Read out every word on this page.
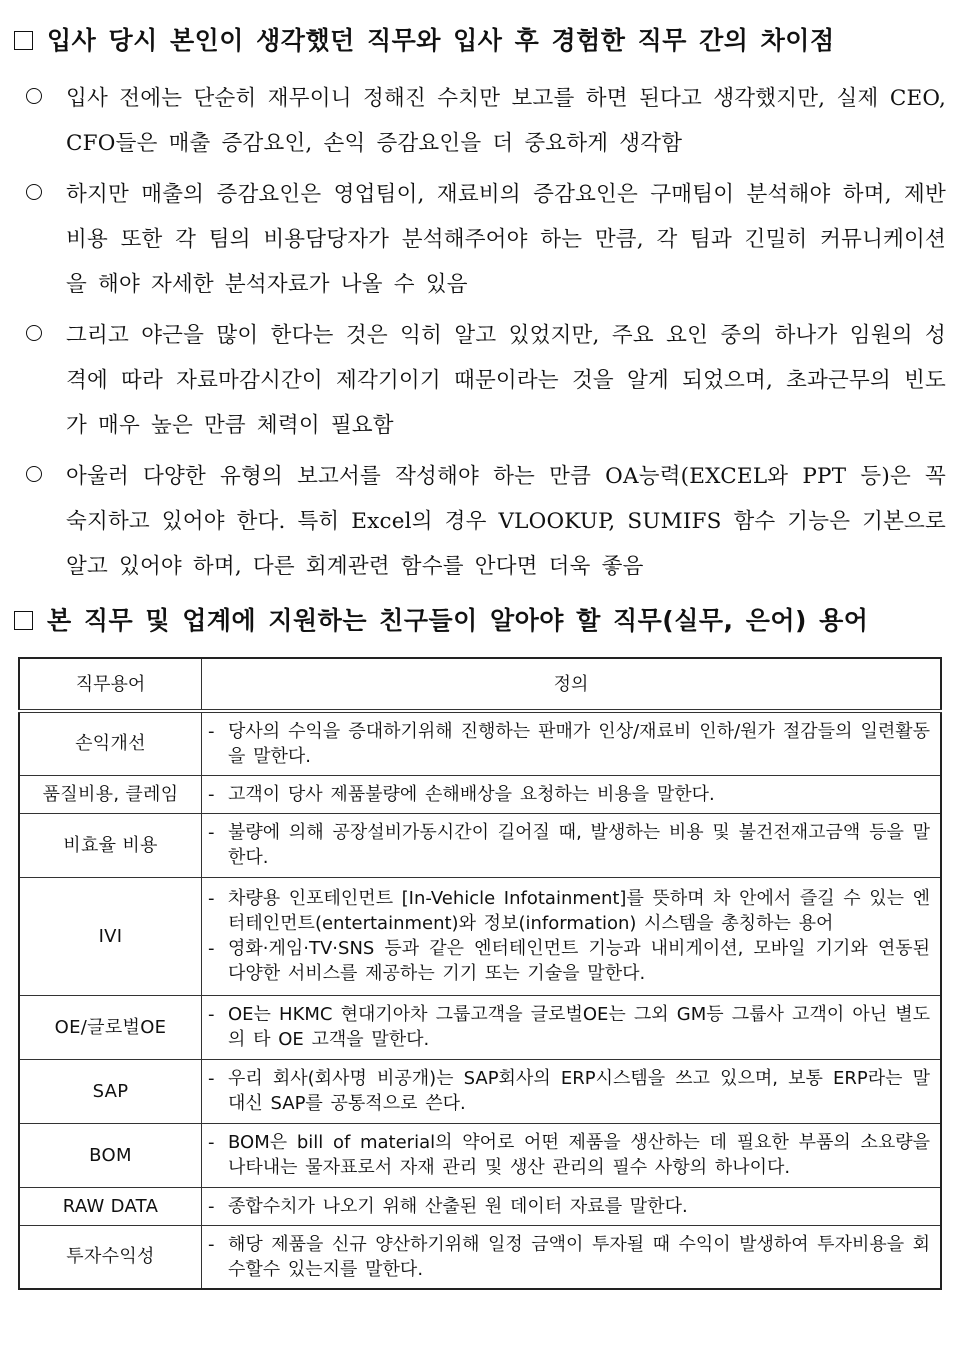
입사 당시 본인이 생각했던 직무와 입사 후 경험한 직무 간의 차이점
입사 전에는 단순히 재무이니 정해진 수치만 보고를 하면 된다고 생각했지만, 실제 CEO, CFO들은 매출 증감요인, 손익 증감요인을 더 중요하게 생각함
하지만 매출의 증감요인은 영업팀이, 재료비의 증감요인은 구매팀이 분석해야 하며, 제반 비용 또한 각 팀의 비용담당자가 분석해주어야 하는 만큼, 각 팀과 긴밀히 커뮤니케이션을 해야 자세한 분석자료가 나올 수 있음
그리고 야근을 많이 한다는 것은 익히 알고 있었지만, 주요 요인 중의 하나가 임원의 성격에 따라 자료마감시간이 제각기이기 때문이라는 것을 알게 되었으며, 초과근무의 빈도가 매우 높은 만큼 체력이 필요함
아울러 다양한 유형의 보고서를 작성해야 하는 만큼 OA능력(EXCEL와 PPT 등)은 꼭 숙지하고 있어야 한다. 특히 Excel의 경우 VLOOKUP, SUMIFS 함수 기능은 기본으로 알고 있어야 하며, 다른 회계관련 함수를 안다면 더욱 좋음
본 직무 및 업계에 지원하는 친구들이 알아야 할 직무(실무, 은어) 용어
직무용어	정의
손익개선	- 당사의 수익을 증대하기위해 진행하는 판매가 인상/재료비 인하/원가 절감들의 일련활동을 말한다.

품질비용, 클레임	- 고객이 당사 제품불량에 손해배상을 요청하는 비용을 말한다.

비효율 비용	- 불량에 의해 공장설비가동시간이 길어질 때, 발생하는 비용 및 불건전재고금액 등을 말한다.

IVI	- 차량용 인포테인먼트 [In-Vehicle Infotainment]를 뜻하며 차 안에서 즐길 수 있는 엔터테인먼트(entertainment)와 정보(information) 시스템을 총칭하는 용어
- 영화·게임·TV·SNS 등과 같은 엔터테인먼트 기능과 내비게이션, 모바일 기기와 연동된 다양한 서비스를 제공하는 기기 또는 기술을 말한다.

OE/글로벌OE	- OE는 HKMC 현대기아차 그룹고객을 글로벌OE는 그외 GM등 그룹사 고객이 아닌 별도의 타 OE 고객을 말한다.

SAP	- 우리 회사(회사명 비공개)는 SAP회사의 ERP시스템을 쓰고 있으며, 보통 ERP라는 말 대신 SAP를 공통적으로 쓴다.

BOM	- BOM은 bill of material의 약어로 어떤 제품을 생산하는 데 필요한 부품의 소요량을 나타내는 물자표로서 자재 관리 및 생산 관리의 필수 사항의 하나이다.

RAW DATA	- 종합수치가 나오기 위해 산출된 원 데이터 자료를 말한다.

투자수익성	- 해당 제품을 신규 양산하기위해 일정 금액이 투자될 때 수익이 발생하여 투자비용을 회수할수 있는지를 말한다.
